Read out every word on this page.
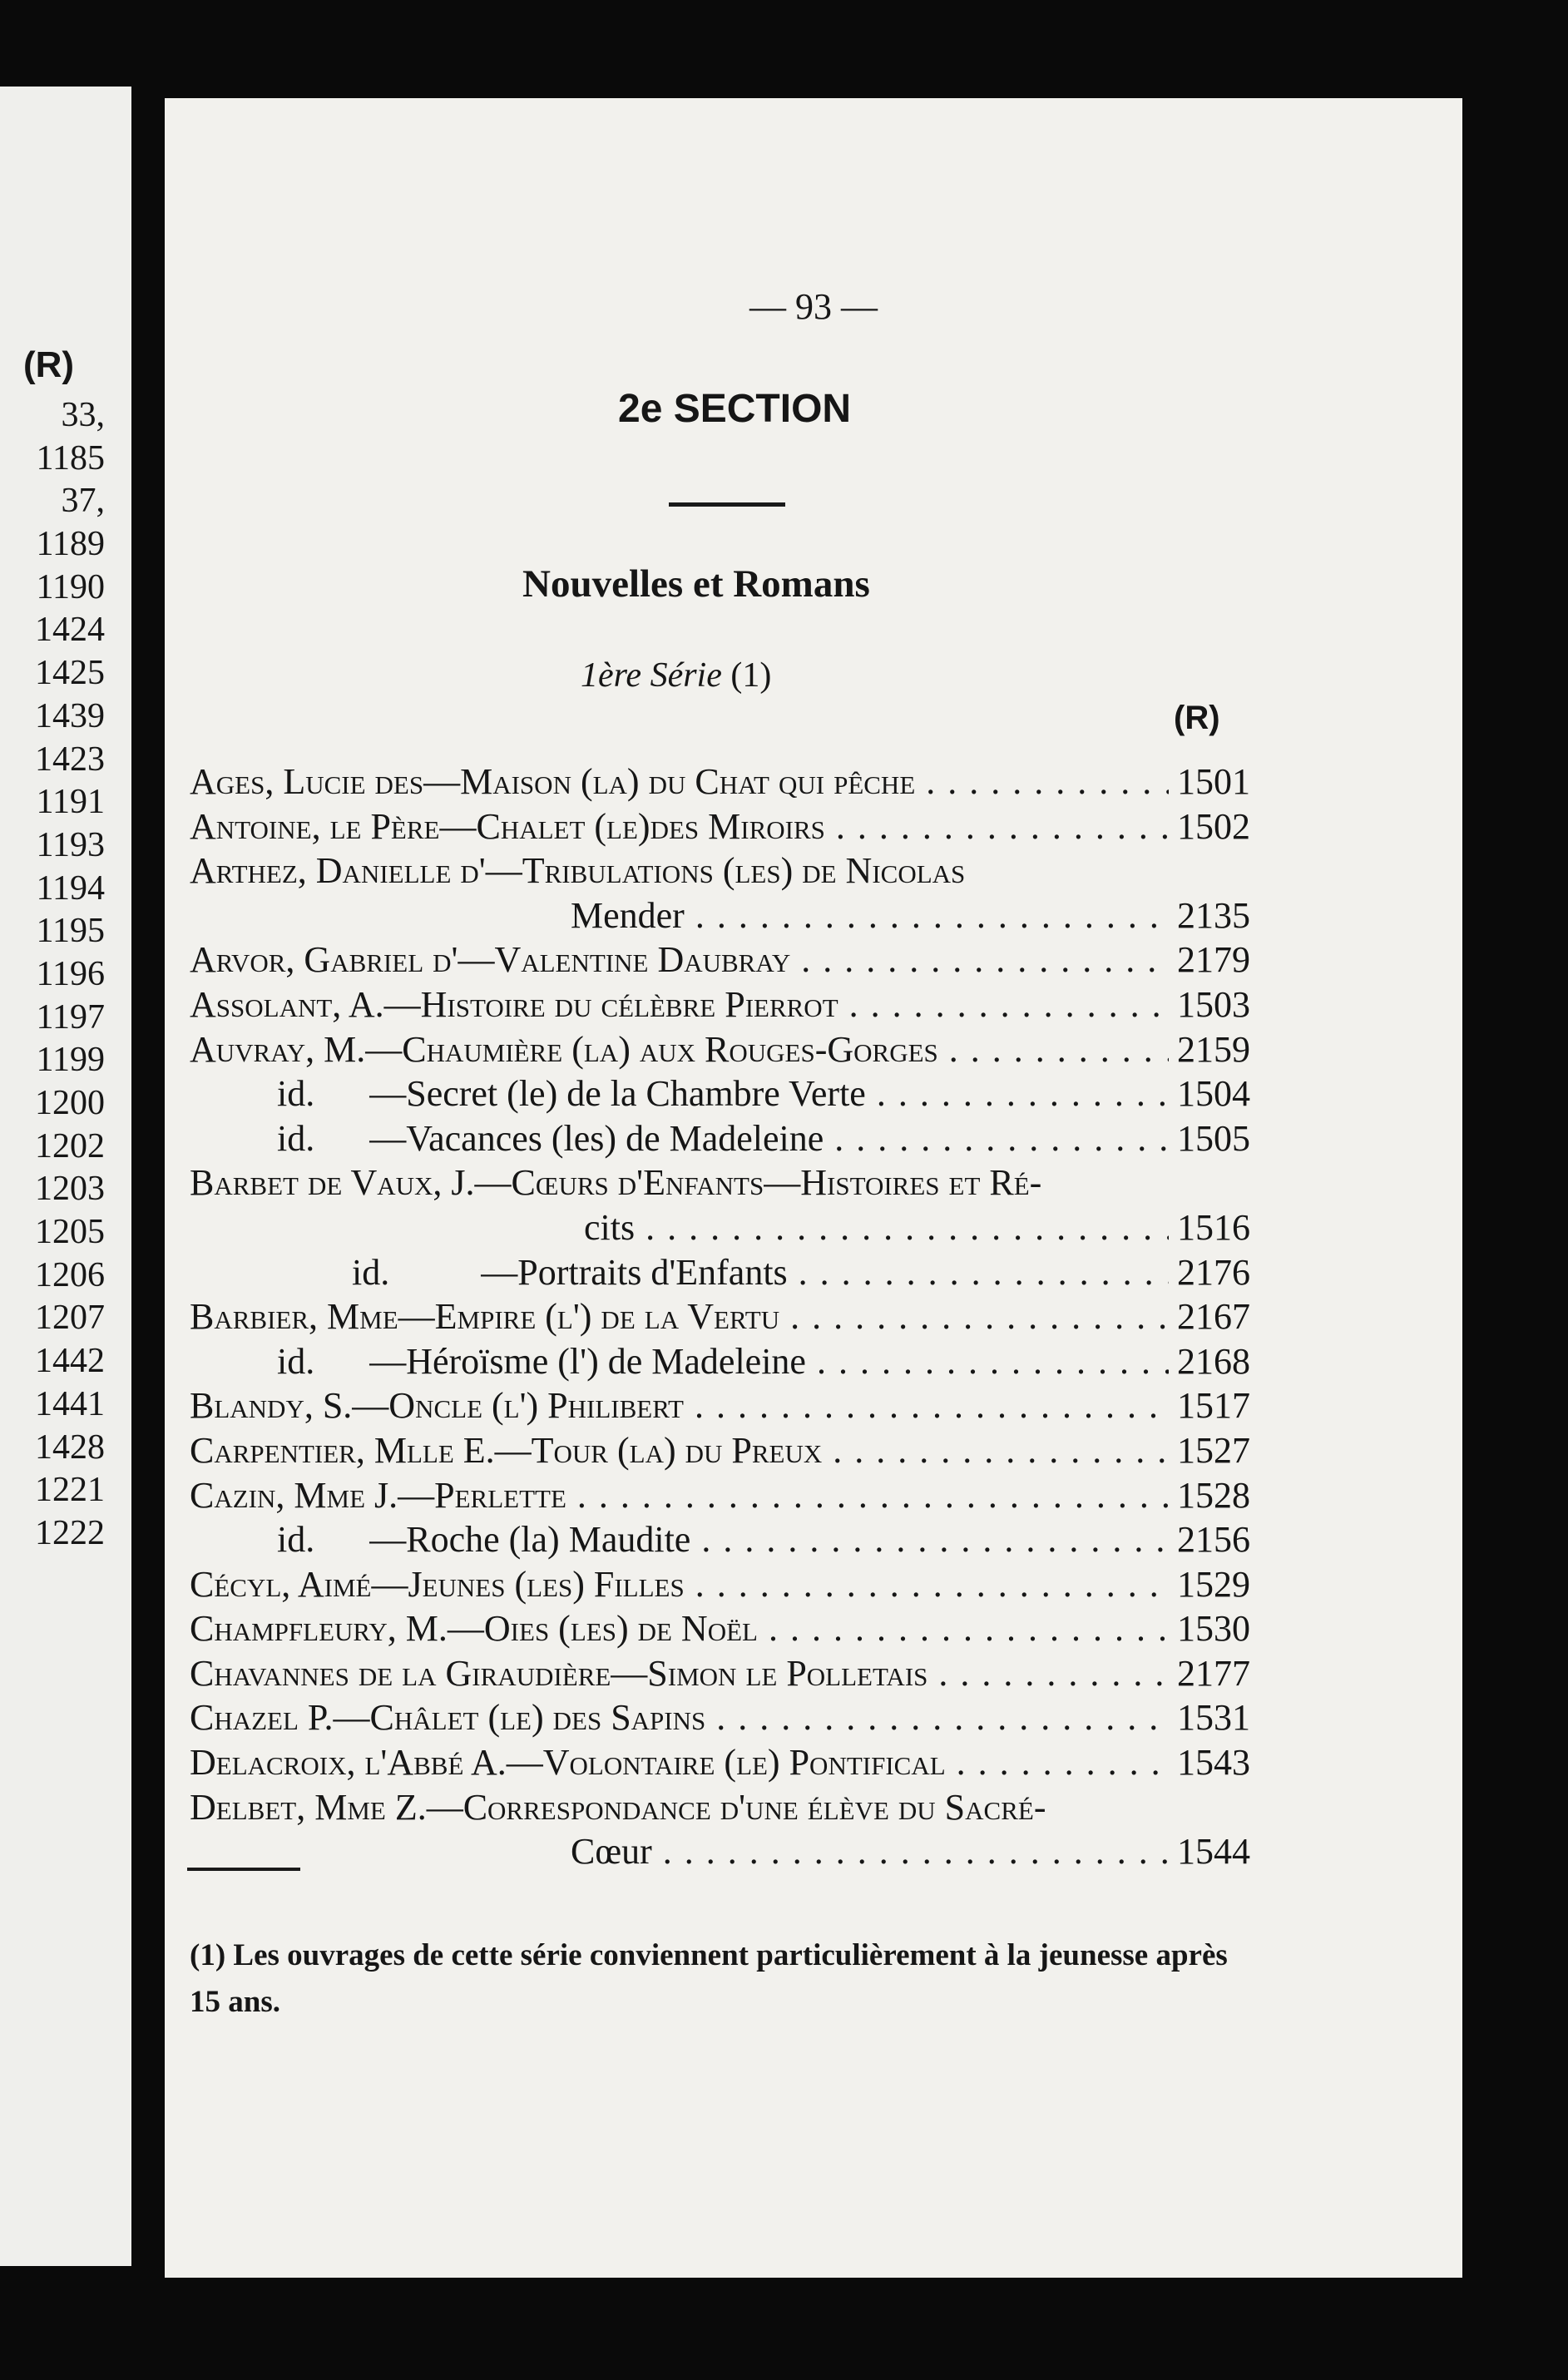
(R)
33,
1185
37,
1189
1190
1424
1425
1439
1423
1191
1193
1194
1195
1196
1197
1199
1200
1202
1203
1205
1206
1207
1442
1441
1428
1221
1222
— 93 —
2e SECTION
Nouvelles et Romans
1ère Série (1)
(R)
Ages, Lucie des—Maison (la) du Chat qui pêche . . .	1501
Antoine, le Père—Chalet (le)des Miroirs . . .	1502
Arthez, Danielle d'—Tribulations (les) de Nicolas
Mender . . .	2135
Arvor, Gabriel d'—Valentine Daubray . . .	2179
Assolant, A.—Histoire du célèbre Pierrot . . .	1503
Auvray, M.—Chaumière (la) aux Rouges-Gorges . . .	2159
id.      —Secret (le) de la Chambre Verte . . .	1504
id.      —Vacances (les) de Madeleine . . .	1505
Barbet de Vaux, J.—Cœurs d'Enfants—Histoires et Ré-
cits . . .	1516
id.          —Portraits d'Enfants . . .	2176
Barbier, Mme—Empire (l') de la Vertu . . .	2167
id.      —Héroïsme (l') de Madeleine . . .	2168
Blandy, S.—Oncle (l') Philibert . . .	1517
Carpentier, Mlle E.—Tour (la) du Preux . . .	1527
Cazin, Mme J.—Perlette . . .	1528
id.      —Roche (la) Maudite . . .	2156
Cécyl, Aimé—Jeunes (les) Filles . . .	1529
Champfleury, M.—Oies (les) de Noël . . .	1530
Chavannes de la Giraudière—Simon le Polletais . . .	2177
Chazel P.—Châlet (le) des Sapins . . .	1531
Delacroix, l'Abbé A.—Volontaire (le) Pontifical . . .	1543
Delbet, Mme Z.—Correspondance d'une élève du Sacré-
Cœur . . .	1544
(1) Les ouvrages de cette série conviennent particulièrement à la jeunesse après 15 ans.
